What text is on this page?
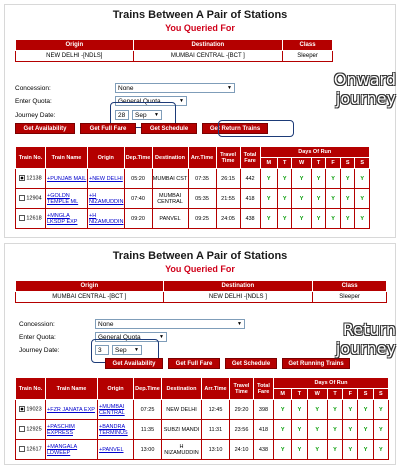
Trains Between A Pair of Stations
You Queried For
Origin	Destination	Class
NEW DELHI -[NDLS]	MUMBAI CENTRAL -[BCT ]	Sleeper
Concession:	None	▼
Enter Quota:	General Quota	▼
Journey Date:	28	Sep ▼
Get Availability	Get Full Fare	Get Schedule	Get Return Trains
Train No.	Train Name	Origin	Dep.Time	Destination	Arr.Time	Travel Time	Total Fare	Days Of Run						
								M	T	W	T	F	S	S
12138	+PUNJAB MAIL	+NEW DELHI	05:20	MUMBAI CST	07:35	26:15	442	Y	Y	Y	Y	Y	Y	Y
12904	+GOLDN TEMPLE ML	+H NIZAMUDDIN	07:40	MUMBAI CENTRAL	05:35	21:55	418	Y	Y	Y	Y	Y	Y	Y
12618	+MNGLA LKSDP EXP	+H NIZAMUDDIN	09:20	PANVEL	09:25	24:05	438	Y	Y	Y	Y	Y	Y	Y
Onward journey
Trains Between A Pair of Stations
You Queried For
Origin	Destination	Class
MUMBAI CENTRAL -[BCT ]	NEW DELHI -[NDLS ]	Sleeper
Concession:	None	▼
Enter Quota:	General Quota	▼
Journey Date:	3	Sep ▼
Get Availability	Get Full Fare	Get Schedule	Get Running Trains
Train No.	Train Name	Origin	Dep.Time	Destination	Arr.Time	Travel Time	Total Fare	Days Of Run						
								M	T	W	T	F	S	S
19023	+FZR JANATA EXP	+MUMBAI CENTRAL	07:25	NEW DELHI	12:45	29:20	398	Y	Y	Y	Y	Y	Y	Y
12925	+PASCHIM EXPRESS	+BANDRA TERMINUS	11:35	SUBZI MANDI	11:31	23:56	418	Y	Y	Y	Y	Y	Y	Y
12617	+MANGALA LDWEEP	+PANVEL	13:00	H NIZAMUDDIN	13:10	24:10	438	Y	Y	Y	Y	Y	Y	Y
Return journey
